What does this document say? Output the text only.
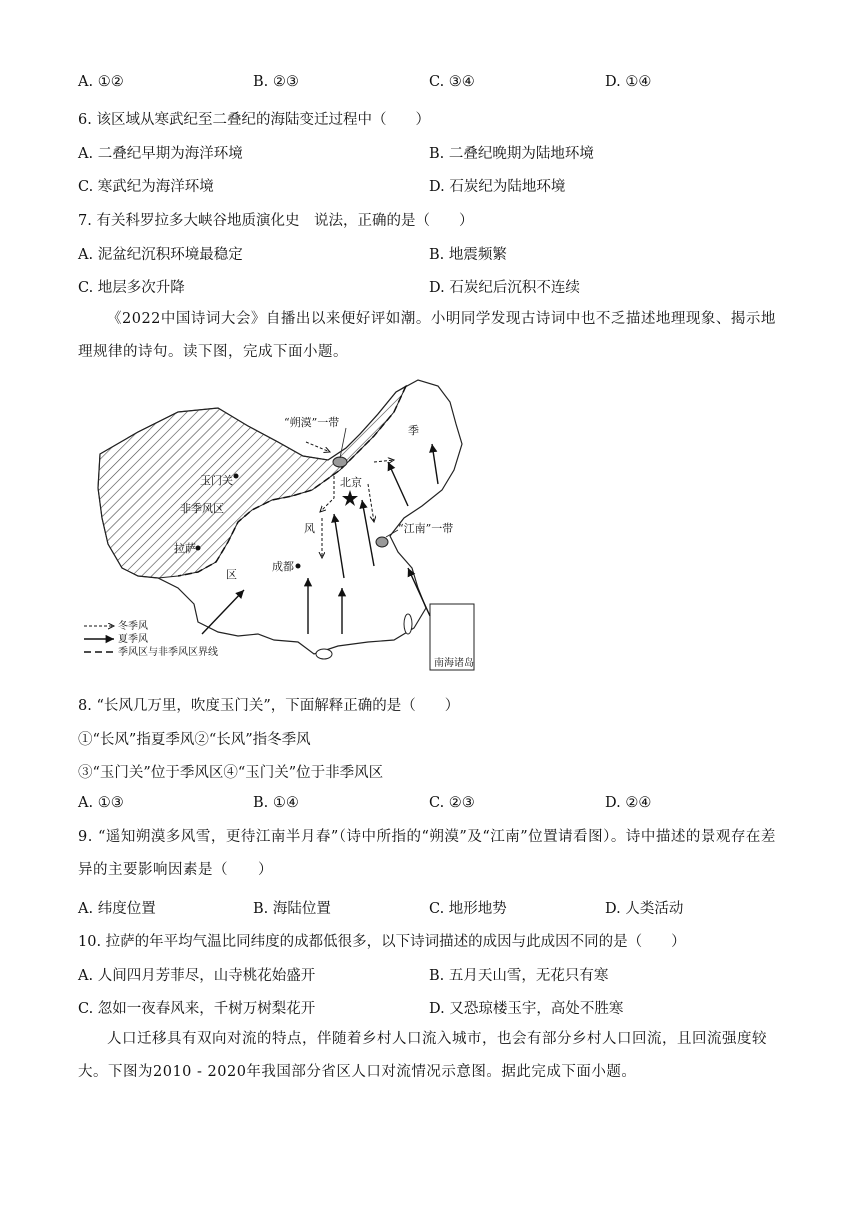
A. ①②	B. ②③	C. ③④	D. ①④
6. 该区域从寒武纪至二叠纪的海陆变迁过程中（　　）
A. 二叠纪早期为海洋环境	B. 二叠纪晚期为陆地环境
C. 寒武纪为海洋环境	D. 石炭纪为陆地环境
7. 有关科罗拉多大峡谷地质演化史　说法，正确的是（　　）
A. 泥盆纪沉积环境最稳定	B. 地震频繁
C. 地层多次升降	D. 石炭纪后沉积不连续
《2022中国诗词大会》自播出以来便好评如潮。小明同学发现古诗词中也不乏描述地理现象、揭示地理规律的诗句。读下图，完成下面小题。
南海诸岛
“朔漠”一带
“江南”一带
北京
玉门关
非季风区
拉萨
成都
季
风
区
冬季风
夏季风
季风区与非季风区界线
8. “长风几万里，吹度玉门关”，下面解释正确的是（　　）
①“长风”指夏季风②“长风”指冬季风
③“玉门关”位于季风区④“玉门关”位于非季风区
A. ①③	B. ①④	C. ②③	D. ②④
9. “遥知朔漠多风雪，更待江南半月春”（诗中所指的“朔漠”及“江南”位置请看图）。诗中描述的景观存在差异的主要影响因素是（　　）
A. 纬度位置	B. 海陆位置	C. 地形地势	D. 人类活动
10. 拉萨的年平均气温比同纬度的成都低很多，以下诗词描述的成因与此成因不同的是（　　）
A. 人间四月芳菲尽，山寺桃花始盛开	B. 五月天山雪，无花只有寒
C. 忽如一夜春风来，千树万树梨花开	D. 又恐琼楼玉宇，高处不胜寒
人口迁移具有双向对流的特点，伴随着乡村人口流入城市，也会有部分乡村人口回流，且回流强度较大。下图为2010 - 2020年我国部分省区人口对流情况示意图。据此完成下面小题。
